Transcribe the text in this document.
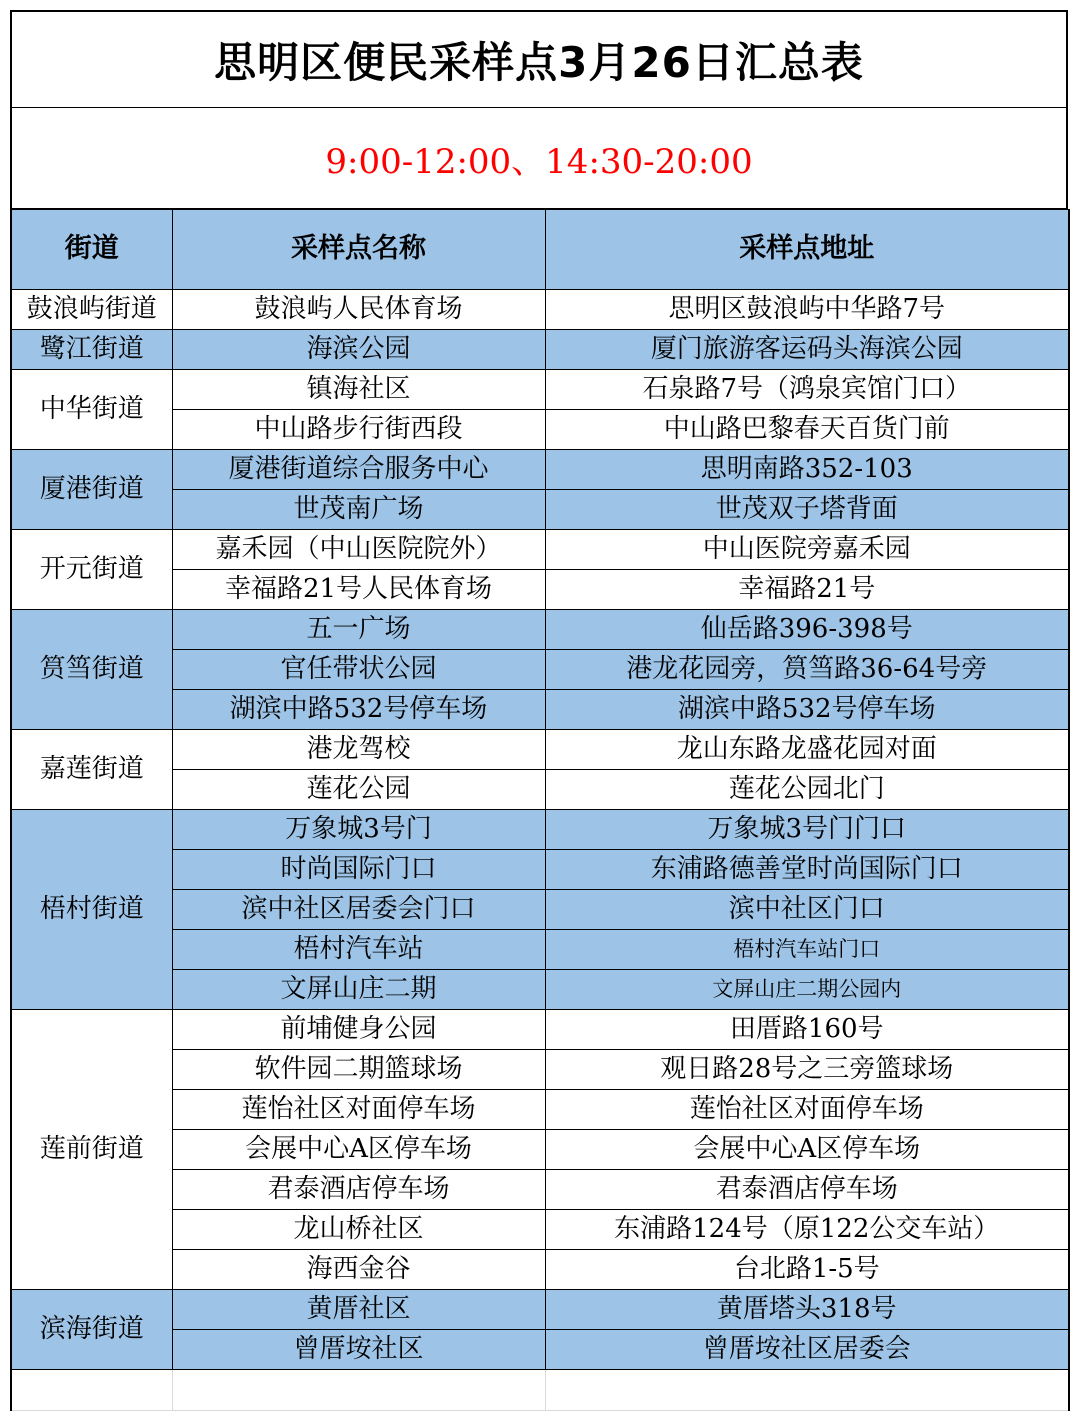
思明区便民采样点3月26日汇总表
9:00-12:00、14:30-20:00
街道	采样点名称	采样点地址
鼓浪屿街道	鼓浪屿人民体育场	思明区鼓浪屿中华路7号
鹭江街道	海滨公园	厦门旅游客运码头海滨公园
中华街道	镇海社区	石泉路7号（鸿泉宾馆门口）
	中山路步行街西段	中山路巴黎春天百货门前
厦港街道	厦港街道综合服务中心	思明南路352-103
	世茂南广场	世茂双子塔背面
开元街道	嘉禾园（中山医院院外）	中山医院旁嘉禾园
	幸福路21号人民体育场	幸福路21号
筼筜街道	五一广场	仙岳路396-398号
	官任带状公园	港龙花园旁，筼筜路36-64号旁
	湖滨中路532号停车场	湖滨中路532号停车场
嘉莲街道	港龙驾校	龙山东路龙盛花园对面
	莲花公园	莲花公园北门
梧村街道	万象城3号门	万象城3号门门口
	时尚国际门口	东浦路德善堂时尚国际门口
	滨中社区居委会门口	滨中社区门口
	梧村汽车站	梧村汽车站门口
	文屏山庄二期	文屏山庄二期公园内
莲前街道	前埔健身公园	田厝路160号
	软件园二期篮球场	观日路28号之三旁篮球场
	莲怡社区对面停车场	莲怡社区对面停车场
	会展中心A区停车场	会展中心A区停车场
	君泰酒店停车场	君泰酒店停车场
	龙山桥社区	东浦路124号（原122公交车站）
	海西金谷	台北路1-5号
滨海街道	黄厝社区	黄厝塔头318号
	曾厝垵社区	曾厝垵社区居委会
